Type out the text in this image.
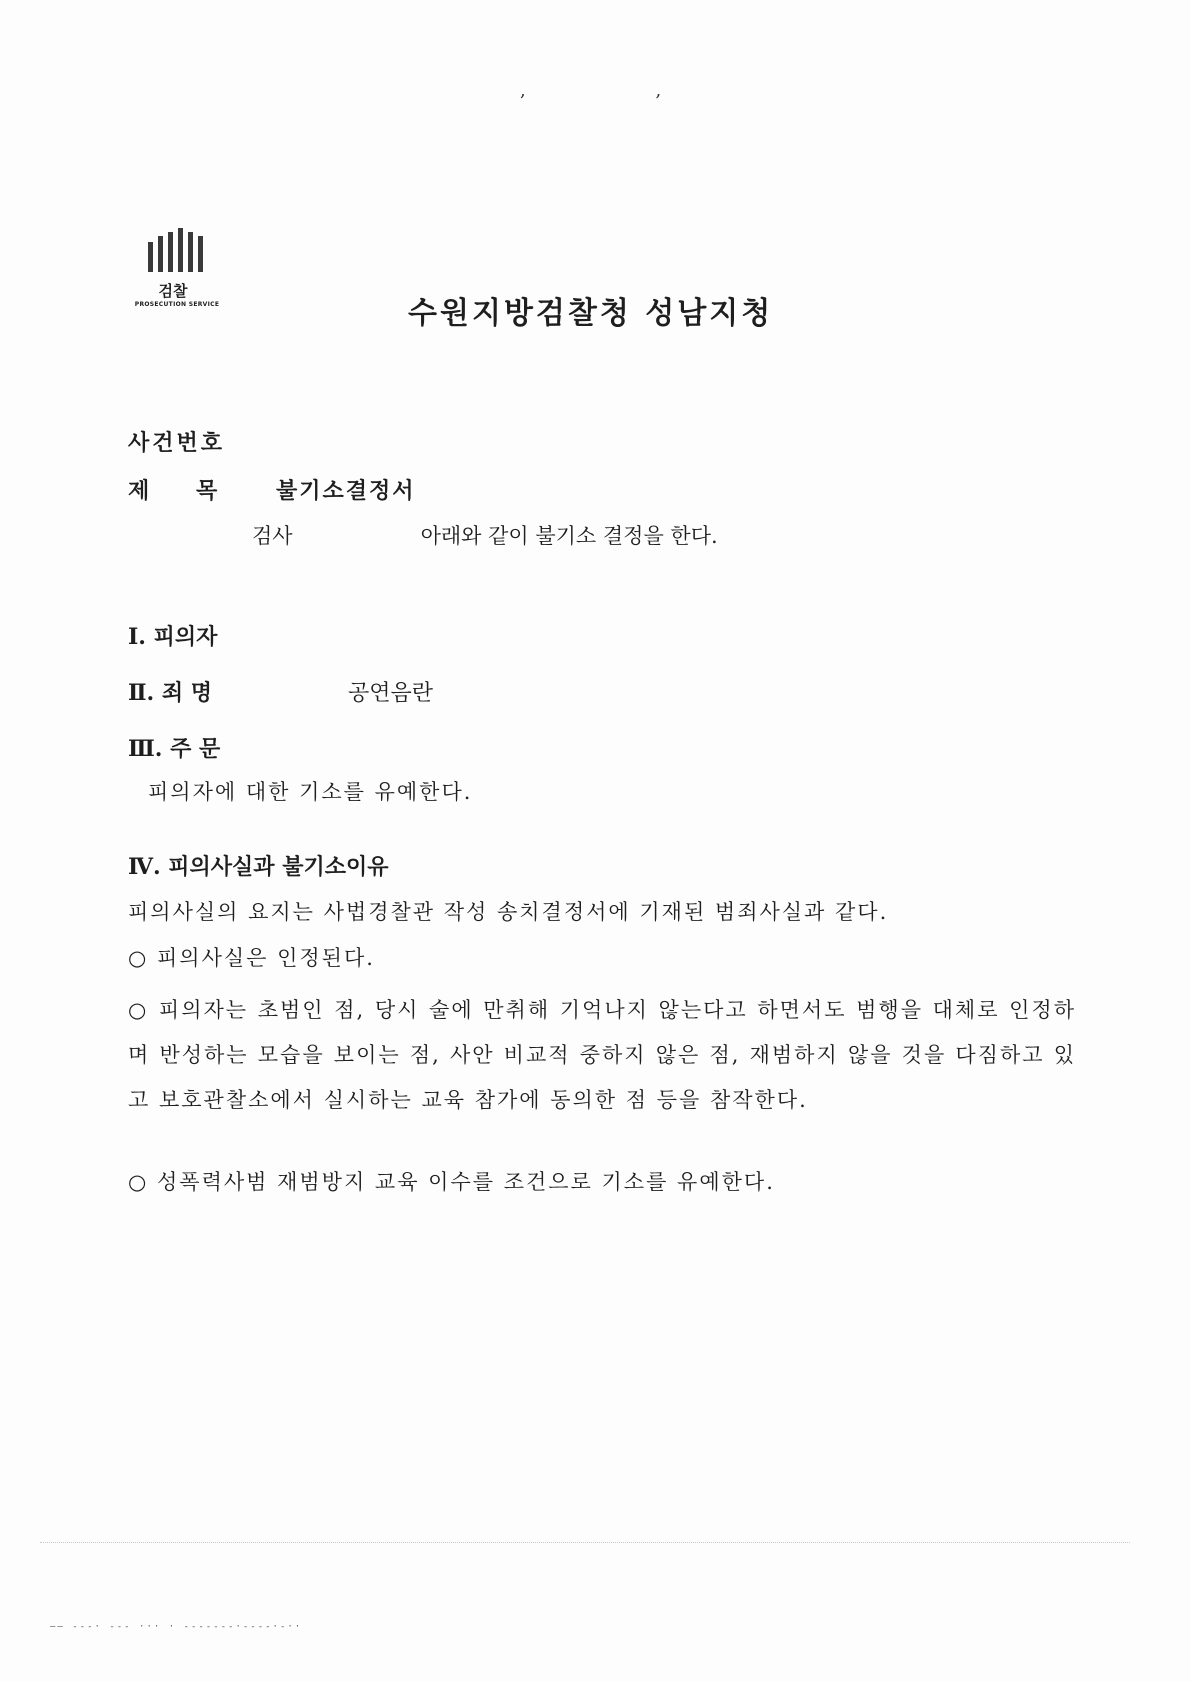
, ,
검찰
PROSECUTION SERVICE	수원지방검찰청 성남지청
사건번호
제 목	불기소결정서
검사	아래와 같이 불기소 결정을 한다.
Ⅰ. 피의자
Ⅱ. 죄 명	공연음란
Ⅲ. 주 문
피의자에 대한 기소를 유예한다.
Ⅳ. 피의사실과 불기소이유
피의사실의 요지는 사법경찰관 작성 송치결정서에 기재된 범죄사실과 같다.
○ 피의사실은 인정된다.
○ 피의자는 초범인 점, 당시 술에 만취해 기억나지 않는다고 하면서도 범행을 대체로 인정하며 반성하는 모습을 보이는 점, 사안 비교적 중하지 않은 점, 재범하지 않을 것을 다짐하고 있고 보호관찰소에서 실시하는 교육 참가에 동의한 점 등을 참작한다.
○ 성폭력사범 재범방지 교육 이수를 조건으로 기소를 유예한다.
—— ---· --- ··· · -------·----·-··
